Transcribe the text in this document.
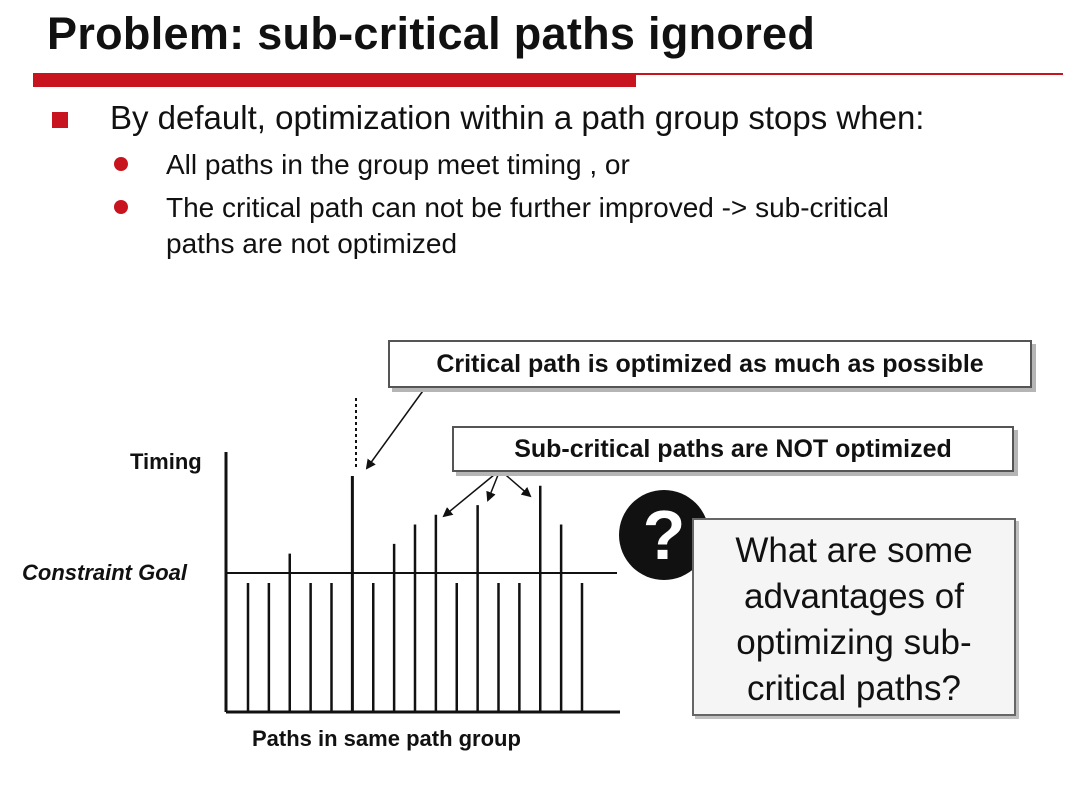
Problem: sub-critical paths ignored
By default, optimization within a path group stops when:
All paths in the group meet timing , or
The critical path can not be further improved -> sub-critical
paths are not optimized
Critical path is optimized as much as possible
Sub-critical paths are NOT optimized
Timing
Constraint Goal
Paths in same path group
?	What are some advantages of optimizing sub-critical paths?
